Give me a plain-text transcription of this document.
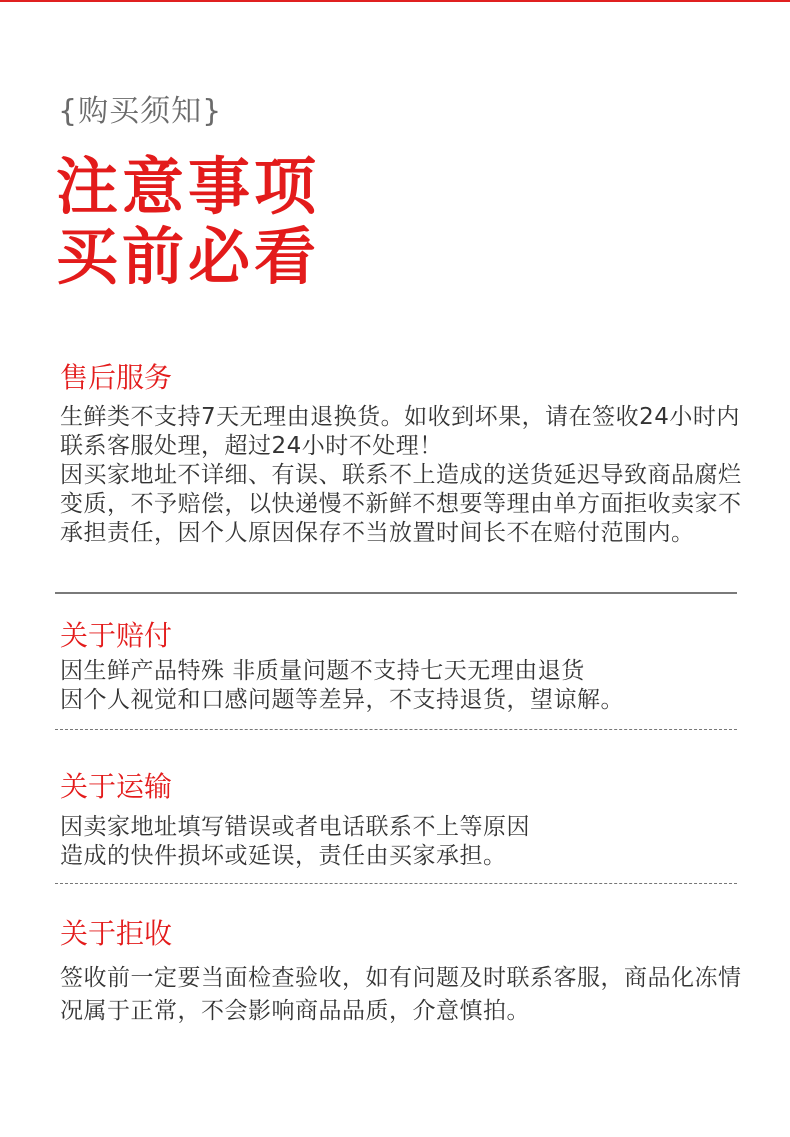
{购买须知}
注意事项
买前必看
售后服务

生鲜类不支持7天无理由退换货。如收到坏果，请在签收24小时内联系客服处理，超过24小时不处理！

因买家地址不详细、有误、联系不上造成的送货延迟导致商品腐烂变质，不予赔偿，以快递慢不新鲜不想要等理由单方面拒收卖家不承担责任，因个人原因保存不当放置时间长不在赔付范围内。

关于赔付

因生鲜产品特殊 非质量问题不支持七天无理由退货

因个人视觉和口感问题等差异，不支持退货，望谅解。

关于运输

因卖家地址填写错误或者电话联系不上等原因

造成的快件损坏或延误，责任由买家承担。

关于拒收

签收前一定要当面检查验收，如有问题及时联系客服，商品化冻情况属于正常，不会影响商品品质，介意慎拍。
